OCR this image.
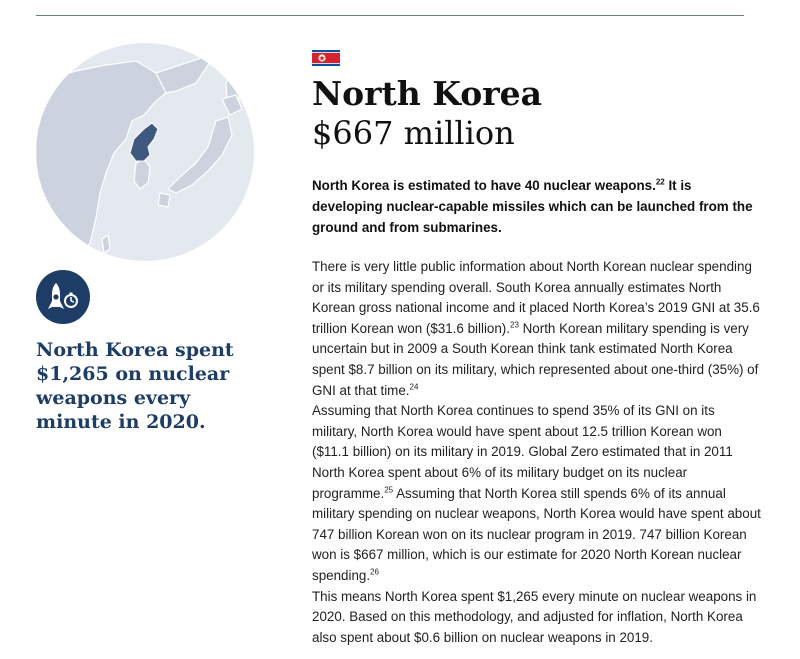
North Korea spent $1,265 on nuclear weapons every minute in 2020.

North Korea

$667 million

North Korea is estimated to have 40 nuclear weapons.$^{22}$ It is developing nuclear-capable missiles which can be launched from the ground and from submarines.

There is very little public information about North Korean nuclear spending or its military spending overall. South Korea annually estimates North Korean gross national income and it placed North Korea’s 2019 GNI at 35.6 trillion Korean won ($31.6 billion).$^{23}$ North Korean military spending is very uncertain but in 2009 a South Korean think tank estimated North Korea spent $8.7 billion on its military, which represented about one-third (35%) of GNI at that time.$^{24}$
Assuming that North Korea continues to spend 35% of its GNI on its military, North Korea would have spent about 12.5 trillion Korean won ($11.1 billion) on its military in 2019. Global Zero estimated that in 2011 North Korea spent about 6% of its military budget on its nuclear programme.$^{25}$ Assuming that North Korea still spends 6% of its annual military spending on nuclear weapons, North Korea would have spent about 747 billion Korean won on its nuclear program in 2019. 747 billion Korean won is $667 million, which is our estimate for 2020 North Korean nuclear spending.$^{26}$
This means North Korea spent $1,265 every minute on nuclear weapons in 2020. Based on this methodology, and adjusted for inflation, North Korea also spent about $0.6 billion on nuclear weapons in 2019.
